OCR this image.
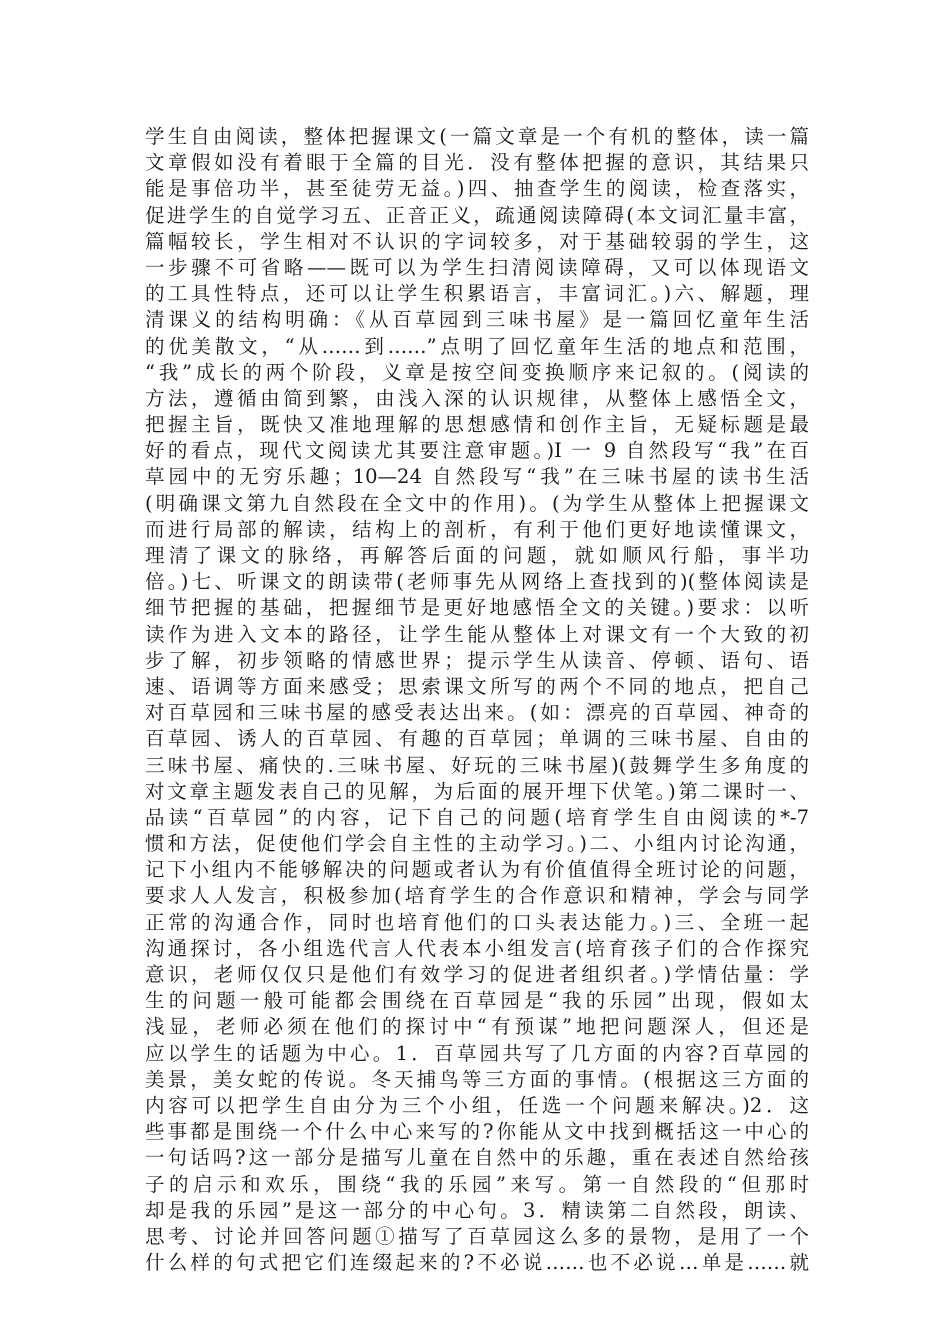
学生自由阅读，整体把握课文(一篇文章是一个有机的整体，读一篇
文章假如没有着眼于全篇的目光．没有整体把握的意识，其结果只
能是事倍功半，甚至徒劳无益。)四、抽查学生的阅读，检查落实，
促进学生的自觉学习五、正音正义，疏通阅读障碍(本文词汇量丰富，
篇幅较长，学生相对不认识的字词较多，对于基础较弱的学生，这
一步骤不可省略——既可以为学生扫清阅读障碍，又可以体现语文
的工具性特点，还可以让学生积累语言，丰富词汇。)六、解题，理
清课义的结构明确：《从百草园到三味书屋》是一篇回忆童年生活
的优美散文，“从……到……”点明了回忆童年生活的地点和范围，
“我”成长的两个阶段，义章是按空间变换顺序来记叙的。(阅读的
方法，遵循由简到繁，由浅入深的认识规律，从整体上感悟全文，
把握主旨，既快又准地理解的思想感情和创作主旨，无疑标题是最
好的看点，现代文阅读尤其要注意审题。)I 一 9 自然段写“我”在百
草园中的无穷乐趣；10—24 自然段写“我”在三味书屋的读书生活
(明确课文第九自然段在全文中的作用)。(为学生从整体上把握课文
而进行局部的解读，结构上的剖析，有利于他们更好地读懂课文，
理清了课文的脉络，再解答后面的问题，就如顺风行船，事半功
倍。)七、听课文的朗读带(老师事先从网络上查找到的)(整体阅读是
细节把握的基础，把握细节是更好地感悟全文的关键。)要求：以听
读作为进入文本的路径，让学生能从整体上对课文有一个大致的初
步了解，初步领略的情感世界；提示学生从读音、停顿、语句、语
速、语调等方面来感受；思索课文所写的两个不同的地点，把自己
对百草园和三味书屋的感受表达出来。(如：漂亮的百草园、神奇的
百草园、诱人的百草园、有趣的百草园；单调的三味书屋、自由的
三味书屋、痛快的.三味书屋、好玩的三味书屋)(鼓舞学生多角度的
对文章主题发表自己的见解，为后面的展开埋下伏笔。)第二课时一、
品读“百草园”的内容，记下自己的问题(培育学生自由阅读的*-7
惯和方法，促使他们学会自主性的主动学习。)二、小组内讨论沟通，
记下小组内不能够解决的问题或者认为有价值值得全班讨论的问题，
要求人人发言，积极参加(培育学生的合作意识和精神，学会与同学
正常的沟通合作，同时也培育他们的口头表达能力。)三、全班一起
沟通探讨，各小组选代言人代表本小组发言(培育孩子们的合作探究
意识，老师仅仅只是他们有效学习的促进者组织者。)学情估量：学
生的问题一般可能都会围绕在百草园是“我的乐园”出现，假如太
浅显，老师必须在他们的探讨中“有预谋”地把问题深人，但还是
应以学生的话题为中心。1．百草园共写了几方面的内容?百草园的
美景，美女蛇的传说。冬天捕鸟等三方面的事情。(根据这三方面的
内容可以把学生自由分为三个小组，任选一个问题来解决。)2．这
些事都是围绕一个什么中心来写的?你能从文中找到概括这一中心的
一句话吗?这一部分是描写儿童在自然中的乐趣，重在表述自然给孩
子的启示和欢乐，围绕“我的乐园”来写。第一自然段的“但那时
却是我的乐园”是这一部分的中心句。3．精读第二自然段，朗读、
思考、讨论并回答问题①描写了百草园这么多的景物，是用了一个
什么样的句式把它们连缀起来的?不必说……也不必说…单是……就
